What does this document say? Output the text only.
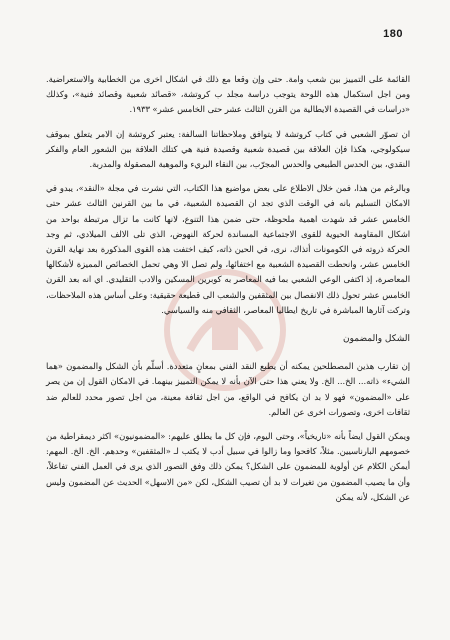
180

القائمة على التمييز بين شعب وامة. حتى وإن وقعا مع ذلك في اشكال اخرى من الخطابية والاستعراضية. ومن اجل استكمال هذه اللوحة يتوجب دراسة مجلد ب كروتشة، «قصائد شعبية وقصائد فنية»، وكذلك «دراسات في القصيدة الايطالية من القرن الثالث عشر حتى الخامس عشر» ١٩٣٣.

ان تصوّر الشعبي في كتاب كروتشة لا يتوافق وملاحظاتنا السالفة: يعتبر كروتشة إن الامر يتعلق بموقف سيكولوجي، هكذا فإن العلاقة بين قصيدة شعبية وقصيدة فنية هي كتلك العلاقة بين الشعور العام والفكر النقدي، بين الحدس الطبيعي والحدس المجرّب، بين النقاء البريء والموهبة المصقولة والمدربة.

وبالرغم من هذا، فمن خلال الاطلاع على بعض مواضيع هذا الكتاب، التي نشرت في مجلة «النقد»، يبدو في الامكان التسليم بانه في الوقت الذي تجد ان القصيدة الشعبية، في ما بين القرنين الثالث عشر حتى الخامس عشر قد شهدت اهمية ملحوظة، حتى ضمن هذا التنوع، لانها كانت ما تزال مرتبطة بواحد من اشكال المقاومة الحيوية للقوى الاجتماعية المساندة لحركة النهوض، الذي تلى الالف الميلادي، ثم وجد الحركة ذروته في الكومونات أتذاك، نرى، في الحين ذاته، كيف اختفت هذه القوى المذكورة بعد نهاية القرن الخامس عشر، وانحطت القصيدة الشعبية مع اختفائها، ولم تصل الا وهي تحمل الخصائص المميزة لأشكالها المعاصرة، إذ اكتفى الوعي الشعبي بما فيه المعاصر به كوبرين المسكين والادب التقليدي. اي انه بعد القرن الخامس عشر تحول ذلك الانفصال بين المثقفين والشعب الى قطيعة حقيقية: وعلى أساس هذه الملاحظات، وتركت آثارها المباشرة في تاريخ ايطاليا المعاصر، الثقافي منه والسياسي.

الشكل والمضمون

إن تقارب هذين المصطلحين يمكنه أن يطبع النقد الفني بمعانٍ متعددة. أسلّم بأن الشكل والمضمون «هما الشيء» ذاته... الخ... الخ. ولا يعني هذا حتى الآن بأنه لا يمكن التمييز بينهما. في الامكان القول إن من يصر على «المضمون» فهو لا بد ان يكافح في الواقع، من اجل ثقافة معينة، من اجل تصور محدد للعالم ضد ثقافات اخرى، وتصورات اخرى عن العالم.

ويمكن القول ايضاً بأنه «تاريخياً»، وحتى اليوم، فإن كل ما يطلق عليهم: «المضمونيون» اكثر ديمقراطية من خصومهم البارناسيين. مثلاً، كافحوا وما زالوا في سبيل أدب لا يكتب لـ «المثقفين» وحدهم. الخ. الخ. المهم: أيمكن الكلام عن أولوية للمضمون على الشكل؟ يمكن ذلك وفق التصور الذي يرى في العمل الفني تفاعلاً، وأن ما يصيب المضمون من تغيرات لا بد أن تصيب الشكل، لكن «من الاسهل» الحديث عن المضمون وليس عن الشكل، لأنه يمكن
